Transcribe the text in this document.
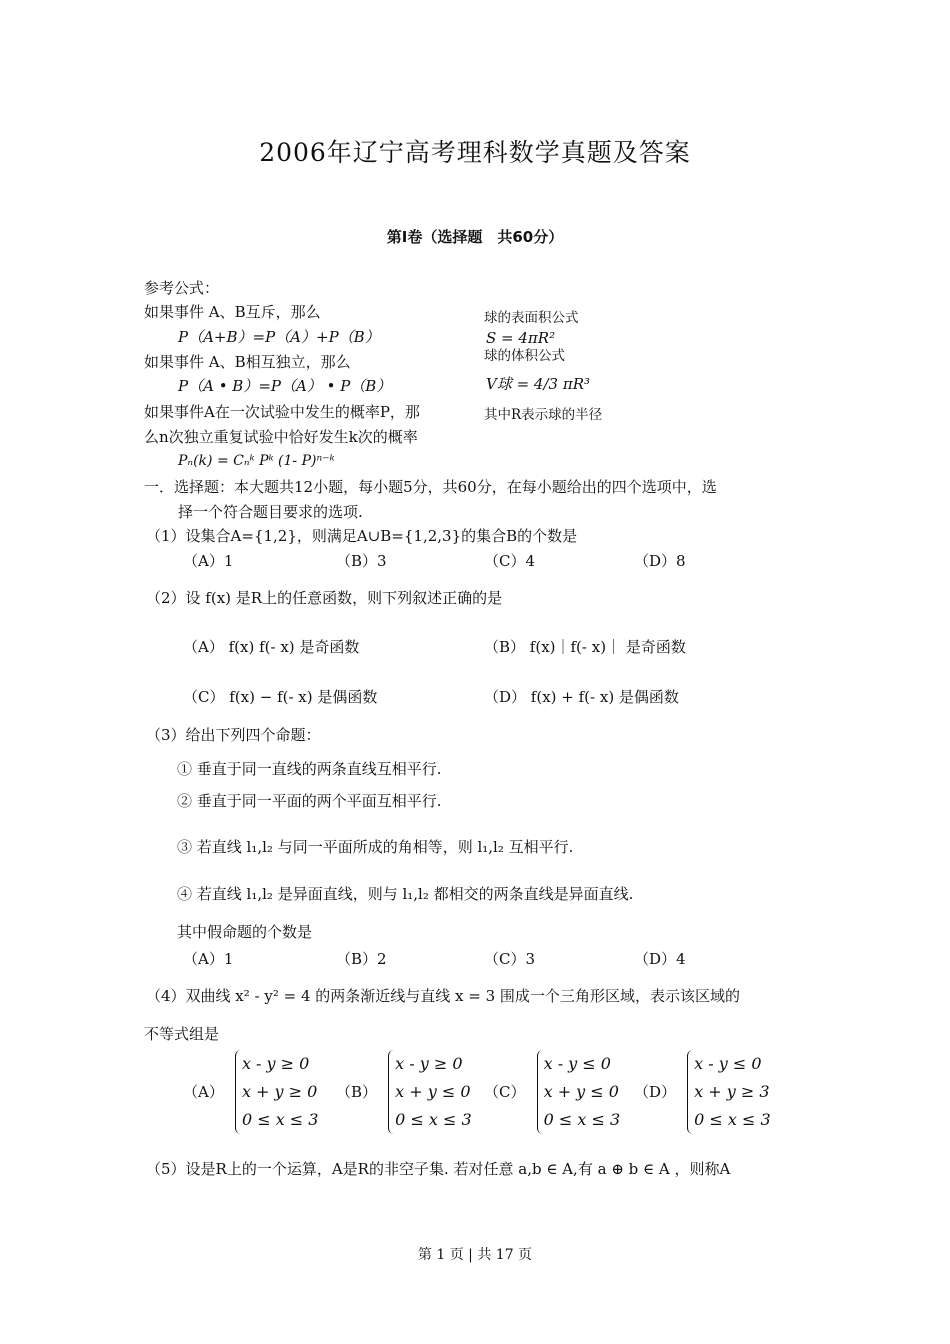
2006年辽宁高考理科数学真题及答案
第Ⅰ卷（选择题　共60分）
参考公式：
如果事件 A、B互斥，那么
P（A+B）=P（A）+P（B）
如果事件 A、B相互独立，那么
P（A • B）=P（A） • P（B）
如果事件A在一次试验中发生的概率P，那
么n次独立重复试验中恰好发生k次的概率
Pₙ(k) = Cₙᵏ Pᵏ (1- P)ⁿ⁻ᵏ
球的表面积公式
S = 4πR²
球的体积公式
V球 = 4/3 πR³
其中R表示球的半径
一．选择题：本大题共12小题，每小题5分，共60分，在每小题给出的四个选项中，选
择一个符合题目要求的选项.
（1）设集合A={1,2}，则满足A∪B={1,2,3}的集合B的个数是
（A）1	（B）3	（C）4	（D）8
（2）设 f(x) 是R上的任意函数，则下列叙述正确的是
（A） f(x) f(- x) 是奇函数	（B） f(x)｜f(- x)｜ 是奇函数
（C） f(x) − f(- x) 是偶函数	（D） f(x) + f(- x) 是偶函数
（3）给出下列四个命题：
① 垂直于同一直线的两条直线互相平行.
② 垂直于同一平面的两个平面互相平行.
③ 若直线 l₁,l₂ 与同一平面所成的角相等，则 l₁,l₂ 互相平行.
④ 若直线 l₁,l₂ 是异面直线，则与 l₁,l₂ 都相交的两条直线是异面直线.
其中假命题的个数是
（A）1	（B）2	（C）3	（D）4
（4）双曲线 x² - y² = 4 的两条渐近线与直线 x = 3 围成一个三角形区域，表示该区域的
不等式组是
（A）
x - y ≥ 0
x + y ≥ 0
0 ≤ x ≤ 3
（B）
x - y ≥ 0
x + y ≤ 0
0 ≤ x ≤ 3
（C）
x - y ≤ 0
x + y ≤ 0
0 ≤ x ≤ 3
（D）
x - y ≤ 0
x + y ≥ 3
0 ≤ x ≤ 3
（5）设是R上的一个运算，A是R的非空子集. 若对任意 a,b ∈ A,有 a ⊕ b ∈ A ，则称A
第 1 页 | 共 17 页
